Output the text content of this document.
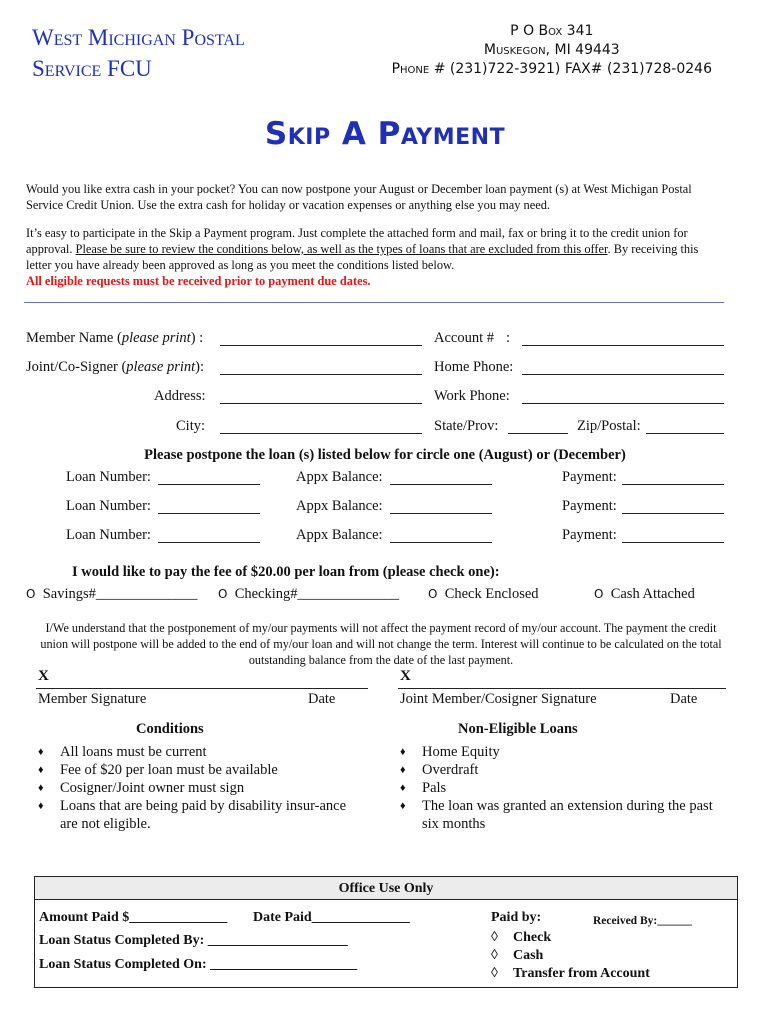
West Michigan Postal
Service FCU
P O Box 341
Muskegon, MI 49443
Phone # (231)722-3921) FAX# (231)728-0246
Skip A Payment
Would you like extra cash in your pocket? You can now postpone your August or December loan payment (s) at West Michigan Postal Service Credit Union. Use the extra cash for holiday or vacation expenses or anything else you may need.
It’s easy to participate in the Skip a Payment program. Just complete the attached form and mail, fax or bring it to the credit union for approval. Please be sure to review the conditions below, as well as the types of loans that are excluded from this offer. By receiving this letter you have already been approved as long as you meet the conditions listed below.
All eligible requests must be received prior to payment due dates.
Member Name (please print) :	Account # :
Joint/Co-Signer (please print):	Home Phone:
Address:	Work Phone:
City:	State/Prov:	Zip/Postal:
Please postpone the loan (s) listed below for circle one (August) or (December)
Loan Number:	Appx Balance:	Payment:
Loan Number:	Appx Balance:	Payment:
Loan Number:	Appx Balance:	Payment:
I would like to pay the fee of $20.00 per loan from (please check one):
O Savings#______________ O Checking#______________ O Check Enclosed	O Cash Attached
I/We understand that the postponement of my/our payments will not affect the payment record of my/our account. The payment the credit union will postpone will be added to the end of my/our loan and will not change the term. Interest will continue to be calculated on the total outstanding balance from the date of the last payment.
X
Member Signature	Date
X
Joint Member/Cosigner Signature	Date
Conditions
♦ All loans must be current
♦ Fee of $20 per loan must be available
♦ Cosigner/Joint owner must sign
♦ Loans that are being paid by disability insur-ance are not eligible.
Non-Eligible Loans
♦ Home Equity
♦ Overdraft
♦ Pals
♦ The loan was granted an extension during the past six months
Office Use Only
Amount Paid $______________ Date Paid______________
Loan Status Completed By: ____________________
Loan Status Completed On: _____________________
Paid by:	Received By:______
◊ Check
◊ Cash
◊ Transfer from Account
